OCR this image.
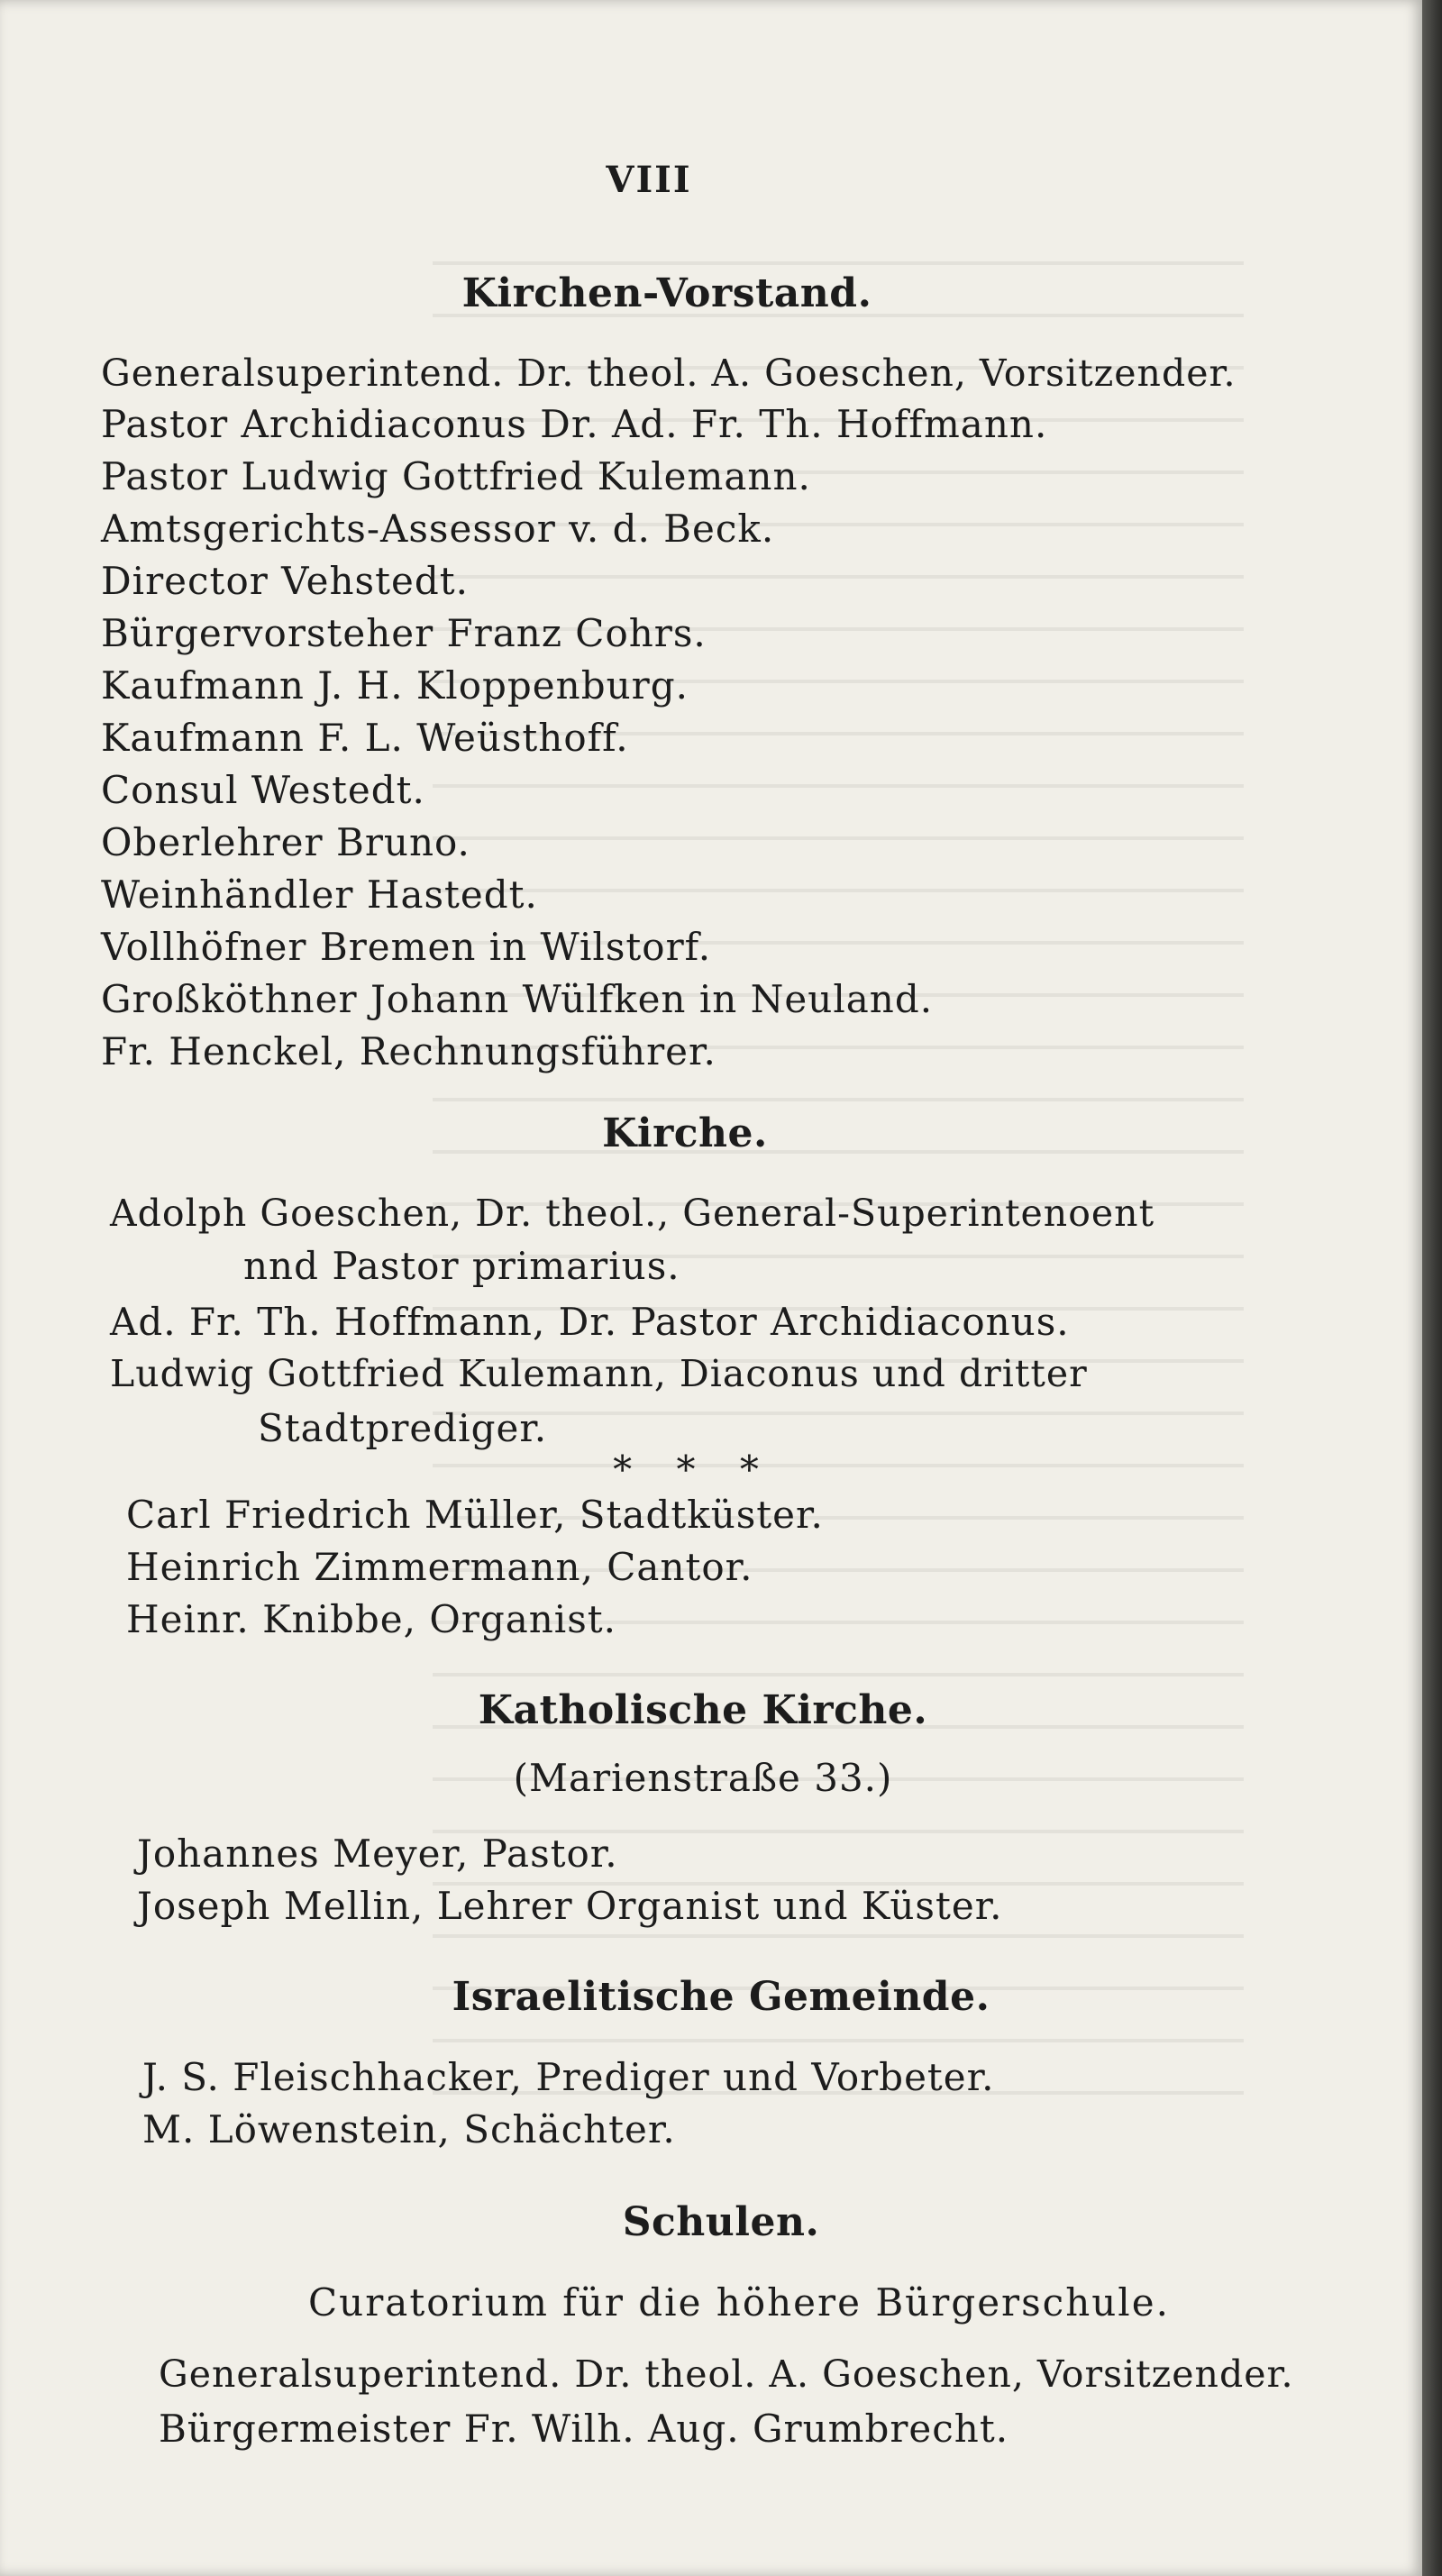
VIII
Kirchen-Vorstand.
Generalsuperintend. Dr. theol. A. Goeschen, Vorsitzender.
Pastor Archidiaconus Dr. Ad. Fr. Th. Hoffmann.
Pastor Ludwig Gottfried Kulemann.
Amtsgerichts-Assessor v. d. Beck.
Director Vehstedt.
Bürgervorsteher Franz Cohrs.
Kaufmann J. H. Kloppenburg.
Kaufmann F. L. Weüsthoff.
Consul Westedt.
Oberlehrer Bruno.
Weinhändler Hastedt.
Vollhöfner Bremen in Wilstorf.
Großköthner Johann Wülfken in Neuland.
Fr. Henckel, Rechnungsführer.
Kirche.
Adolph Goeschen, Dr. theol., General-Superintenoent
nnd Pastor primarius.
Ad. Fr. Th. Hoffmann, Dr. Pastor Archidiaconus.
Ludwig Gottfried Kulemann, Diaconus und dritter
Stadtprediger.
* * *
Carl Friedrich Müller, Stadtküster.
Heinrich Zimmermann, Cantor.
Heinr. Knibbe, Organist.
Katholische Kirche.
(Marienstraße 33.)
Johannes Meyer, Pastor.
Joseph Mellin, Lehrer Organist und Küster.
Israelitische Gemeinde.
J. S. Fleischhacker, Prediger und Vorbeter.
M. Löwenstein, Schächter.
Schulen.
Curatorium für die höhere Bürgerschule.
Generalsuperintend. Dr. theol. A. Goeschen, Vorsitzender.
Bürgermeister Fr. Wilh. Aug. Grumbrecht.
